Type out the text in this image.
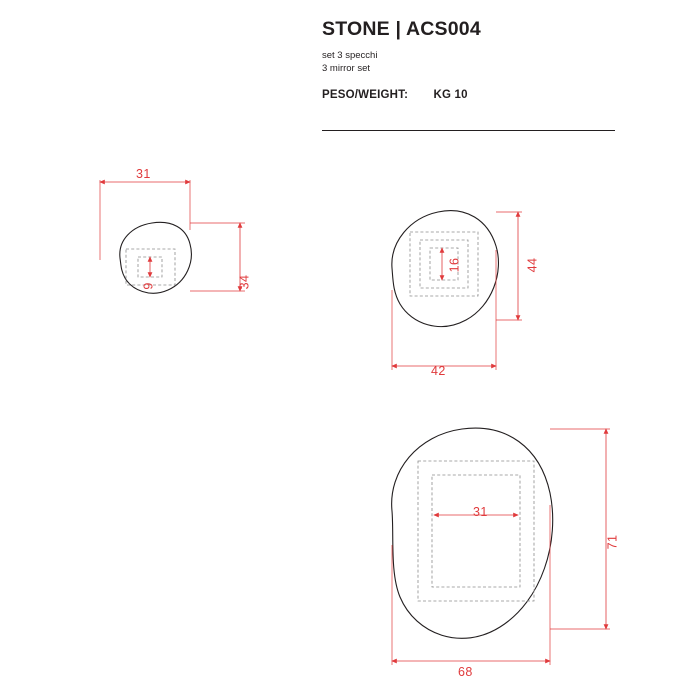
STONE | ACS004
set 3 specchi
3 mirror set
PESO/WEIGHT: KG 10
31
34
9
44
42
16
71
68
31
